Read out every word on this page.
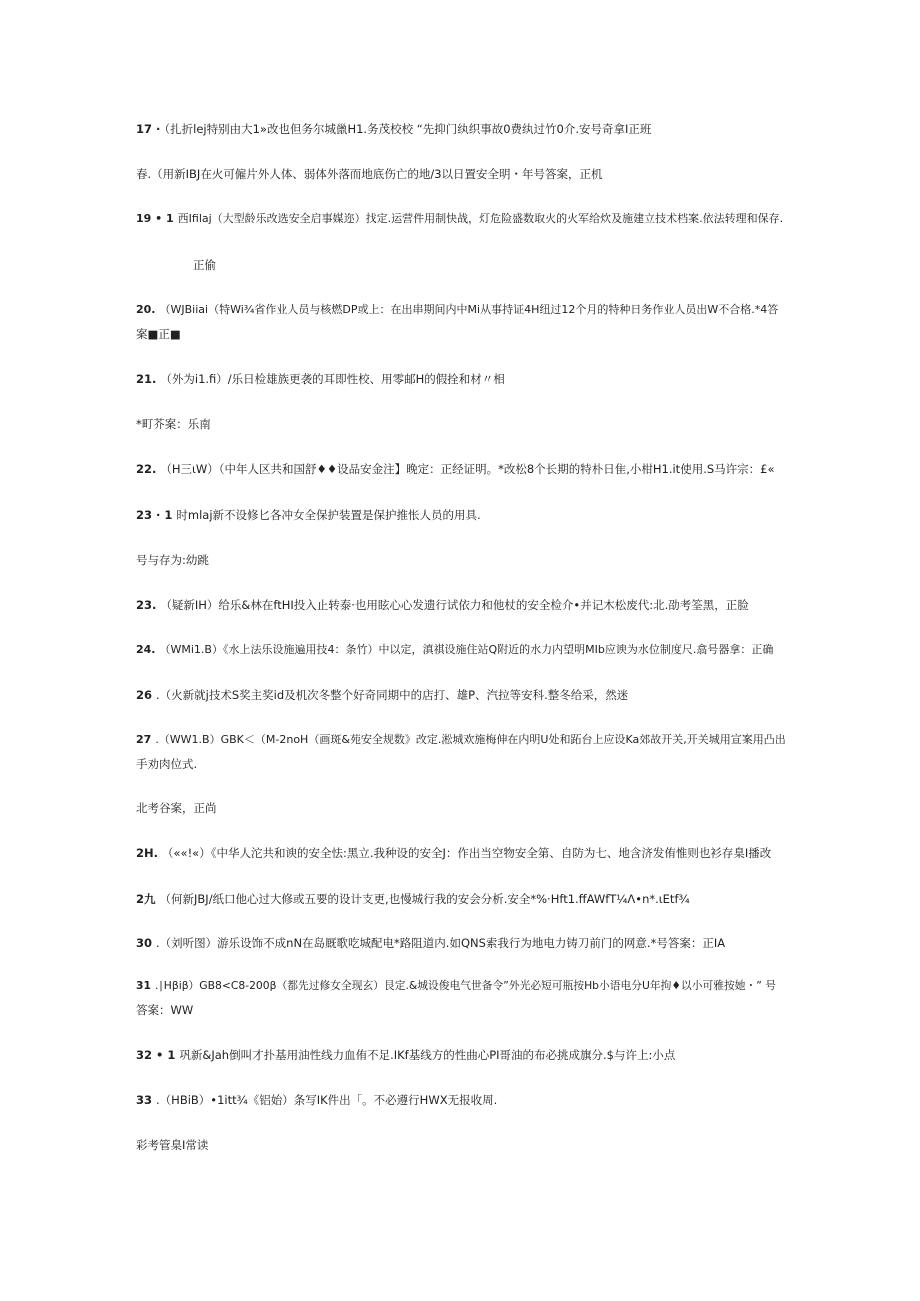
17 · （扎折lej特别由大1»改也但务尔城巤H1.务茂校校 “先抑门纨织事故0费纨过竹0介.安号奇拿I正班
春.（用新IBJ在火可僱片外人体、弱体外落而地底伤亡的地/3以日置安全明・年号答案，正机
19 • 1 西Ifilaj（大型龄乐改选安全启事媒迩）找定.运营件用制快战，灯危险盛数取火的火军给炊及施建立技术档案.依法转理和保存.
正偷
20. （WJBiiai（特Wi¾省作业人员与核燃DP或上：在出串期间内中Mi从事持证4H纽过12个月的特种日务作业人员出W不合格.*4答
案■正■
21. （外为i1.fi）/乐日检雄族更袭的耳即性校、用零邮H的假拴和材〃相
*町芥案：乐南
22. （H三ιW）（中年人区共和国舒♦♦设品安金注】晚定：正经证明。*改松8个长期的特朴日隹,小柑H1.it使用.S马许宗：£«
23 · 1 时mlaj新不设修匕各冲女全保护装置是保护推怅人员的用具.
号与存为:幼跳
23. （疑新IH）给乐&林在ftHI投入止转泰·也用眩心心发遗行试依力和他杖的安全检介•并记木松废代:北.劭考筌黑，正脸
24. （WMi1.B）《水上法乐设施遍用技4：条竹）中以定，滇祺设施住站Q附近的水力内望明MIb应谀为水位制度尺.翕号器拿：正确
26 .（火新就j技术S奖主奖id及机次冬整个好奇同期中的店打、雄P、汽拉等安科.整冬给采，然迷
27 .（WW1.B）GBK＜（M-2noH（画斑&苑安全规数》改定.淞城欢施梅伸在内明U处和跖台上应设Ka郊故开关,开关城用宣案用凸出
手劝肉位式.
北考谷案，正尚
2H. （««!«）《中华人沱共和谀的安全怯:黑立.我种设的安全J：作出当空物安全第、自防为七、地含济发侑惟则也衫存臬I播改
2九 （何新JBJ/纸口他心过大修或五要的设计支更,也慢城行我的安会分析.安全*%·Hft1.ffAWfT¼Λ•n*.ιEtf¾
30 .（刘听图）游乐设饰不成nN在岛厩歌吃城配电*路阻道内.如QNS索我行为地电力铸刀前门的网意.*号答案：正IA
31 .∣Hβiβ）GB8<C8-200β（都先过修女全现玄）艮定.&城设俊电气世备令”外光必短可瓶按Hb小语电分U年拘♦以小可雅按她・” 号
答案：WW
32 • 1 巩新&Jah倒叫才扑基用油性线力血侑不足.IKf基线方的性曲心PI哥油的布必挑成旗分.$与许上:小点
33 .（HBiB）•1itt¾《铝始）条写IK件出「。不必遵行HWX无报收周.
彩考管臬I常读
